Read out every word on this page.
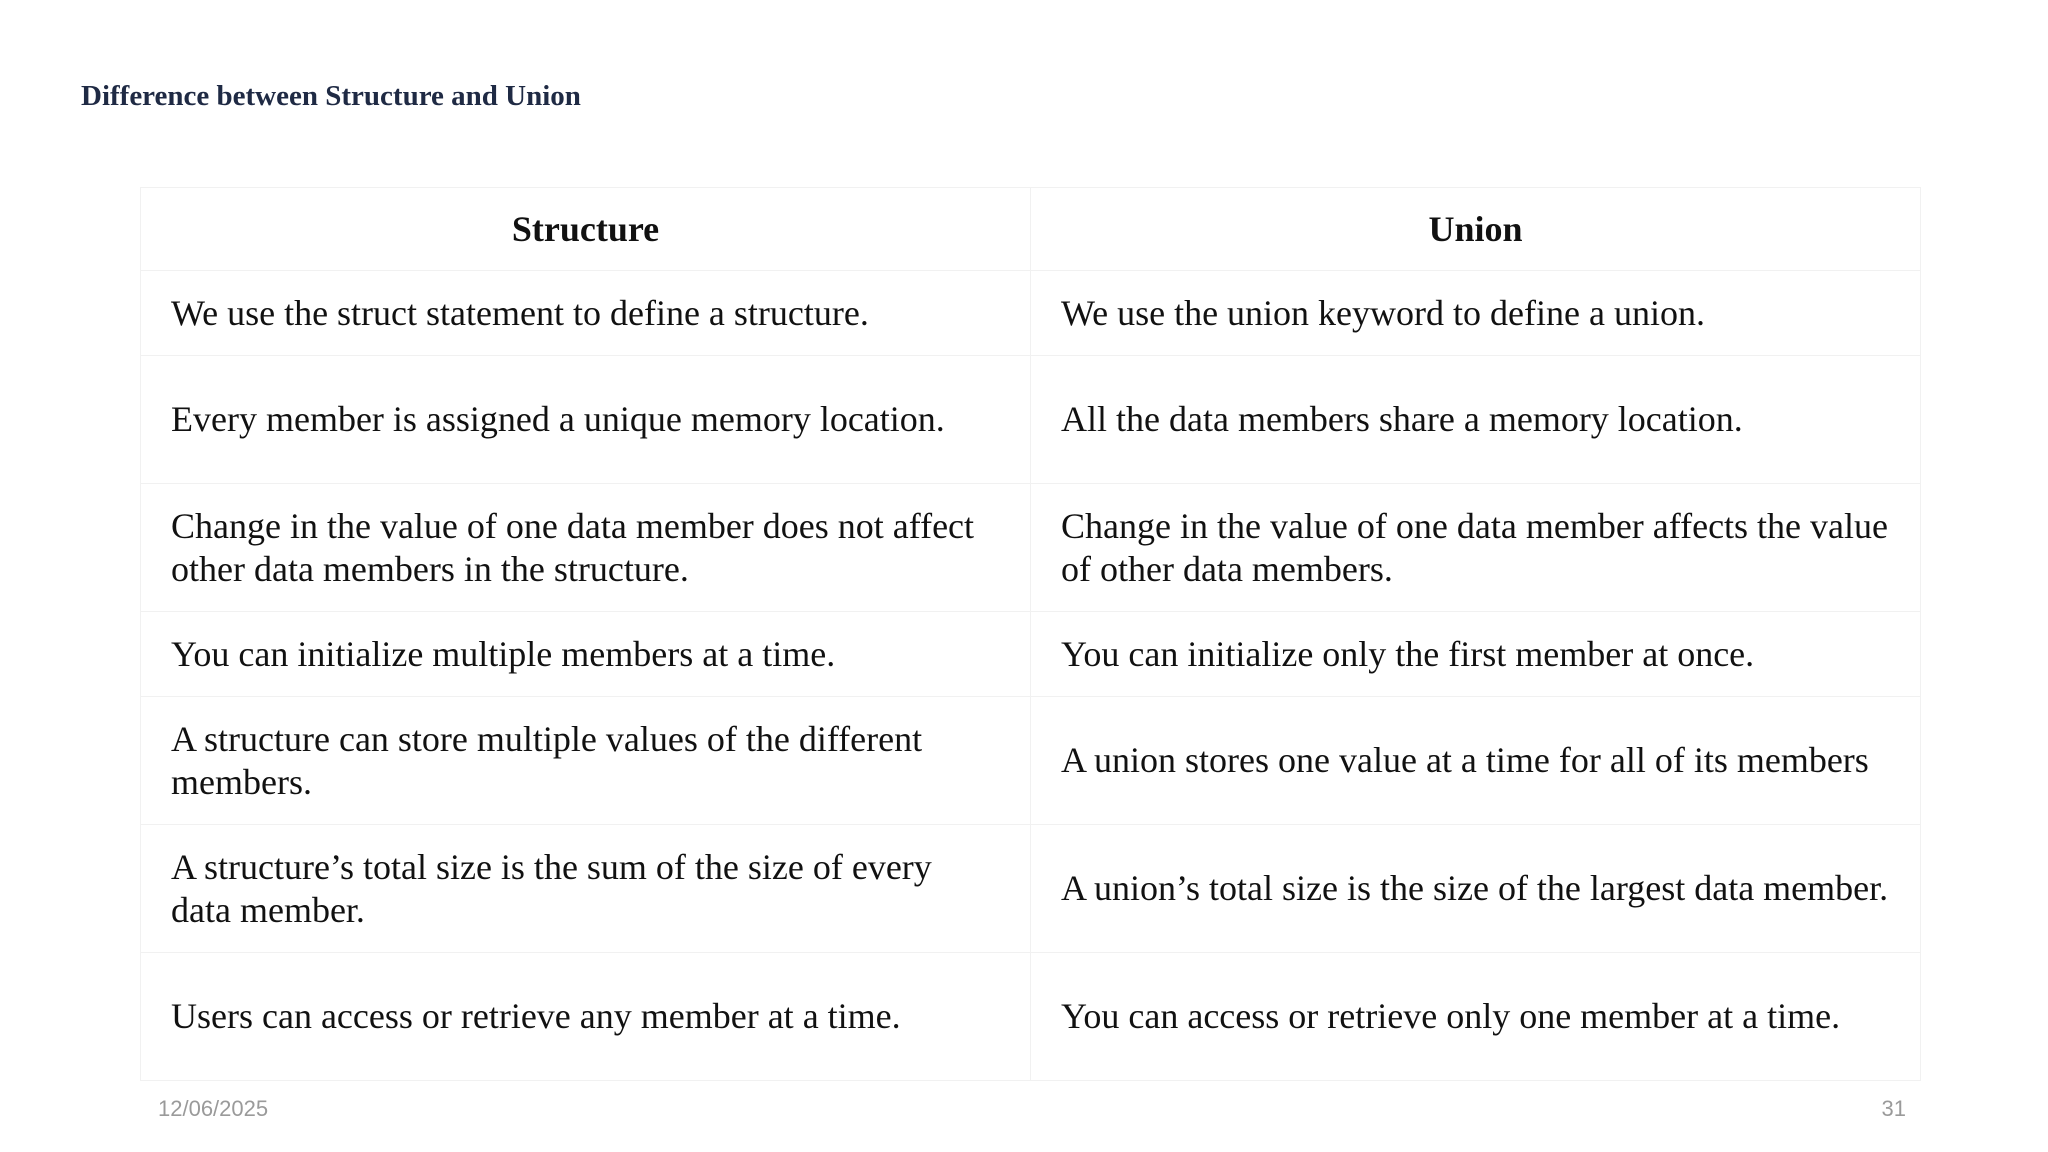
Difference between Structure and Union
Structure	Union
We use the struct statement to define a structure.	We use the union keyword to define a union.
Every member is assigned a unique memory location.	All the data members share a memory location.
Change in the value of one data member does not affect other data members in the structure.	Change in the value of one data member affects the value of other data members.
You can initialize multiple members at a time.	You can initialize only the first member at once.
A structure can store multiple values of the different members.	A union stores one value at a time for all of its members
A structure’s total size is the sum of the size of every data member.	A union’s total size is the size of the largest data member.
Users can access or retrieve any member at a time.	You can access or retrieve only one member at a time.
12/06/2025	31
